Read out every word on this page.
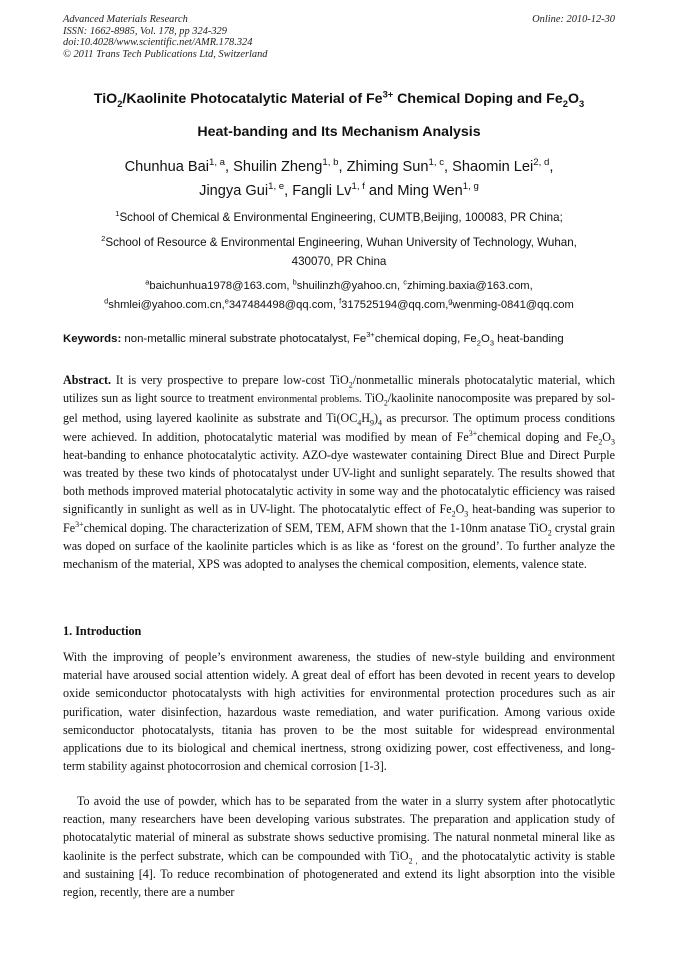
Advanced Materials Research
ISSN: 1662-8985, Vol. 178, pp 324-329
doi:10.4028/www.scientific.net/AMR.178.324
© 2011 Trans Tech Publications Ltd, Switzerland
Online: 2010-12-30
TiO$_2$/Kaolinite Photocatalytic Material of $Fe^{3+}$ Chemical Doping and $Fe_2O_3$
Heat-banding and Its Mechanism Analysis
Chunhua Bai$^{1, a}$, Shuilin Zheng$^{1, b}$, Zhiming Sun$^{1, c}$, Shaomin Lei$^{2, d}$,
Jingya Gui$^{1, e}$, Fangli Lv$^{1, f}$ and Ming Wen$^{1, g}$
$^1$School of Chemical & Environmental Engineering, CUMTB,Beijing, 100083, PR China;
$^2$School of Resource & Environmental Engineering, Wuhan University of Technology, Wuhan,
430070, PR China
$^a$baichunhua1978@163.com, $^b$shuilinzh@yahoo.cn, $^c$zhiming.baxia@163.com,
$^d$shmlei@yahoo.com.cn,$^e$347484498@qq.com, $^f$317525194@qq.com,$^g$wenming-0841@qq.com
Keywords: non-metallic mineral substrate photocatalyst, $Fe^{3+}chemical$ doping, $Fe_2O_3$ heat-banding
Abstract. It is very prospective to prepare low-cost TiO$_2$/nonmetallic minerals photocatalytic material, which utilizes sun as light source to treatment environmental problems. TiO$_2$/kaolinite nanocomposite was prepared by sol-gel method, using layered kaolinite as substrate and $Ti(OC_4H_9)_4$ as precursor. The optimum process conditions were achieved. In addition, photocatalytic material was modified by mean of $Fe^{3+}chemical$ doping and $Fe_2O_3$ heat-banding to enhance photocatalytic activity. AZO-dye wastewater containing Direct Blue and Direct Purple was treated by these two kinds of photocatalyst under UV-light and sunlight separately. The results showed that both methods improved material photocatalytic activity in some way and the photocatalytic efficiency was raised significantly in sunlight as well as in UV-light. The photocatalytic effect of $Fe_2O_3$ heat-banding was superior to $Fe^{3+}chemical$ doping. The characterization of SEM, TEM, AFM shown that the 1-10nm anatase TiO$_2$ crystal grain was doped on surface of the kaolinite particles which is as like as ‘forest on the ground’. To further analyze the mechanism of the material, XPS was adopted to analyses the chemical composition, elements, valence state.
1. Introduction

With the improving of people’s environment awareness, the studies of new-style building and environment material have aroused social attention widely. A great deal of effort has been devoted in recent years to develop oxide semiconductor photocatalysts with high activities for environmental protection procedures such as air purification, water disinfection, hazardous waste remediation, and water purification. Among various oxide semiconductor photocatalysts, titania has proven to be the most suitable for widespread environmental applications due to its biological and chemical inertness, strong oxidizing power, cost effectiveness, and long-term stability against photocorrosion and chemical corrosion [1-3].

To avoid the use of powder, which has to be separated from the water in a slurry system after photocatlytic reaction, many researchers have been developing various substrates. The preparation and application study of photocatalytic material of mineral as substrate shows seductive promising. The natural nonmetal mineral like as kaolinite is the perfect substrate, which can be compounded with TiO$_{2 ,}$ and the photocatalytic activity is stable and sustaining [4]. To reduce recombination of photogenerated and extend its light absorption into the visible region, recently, there are a number
